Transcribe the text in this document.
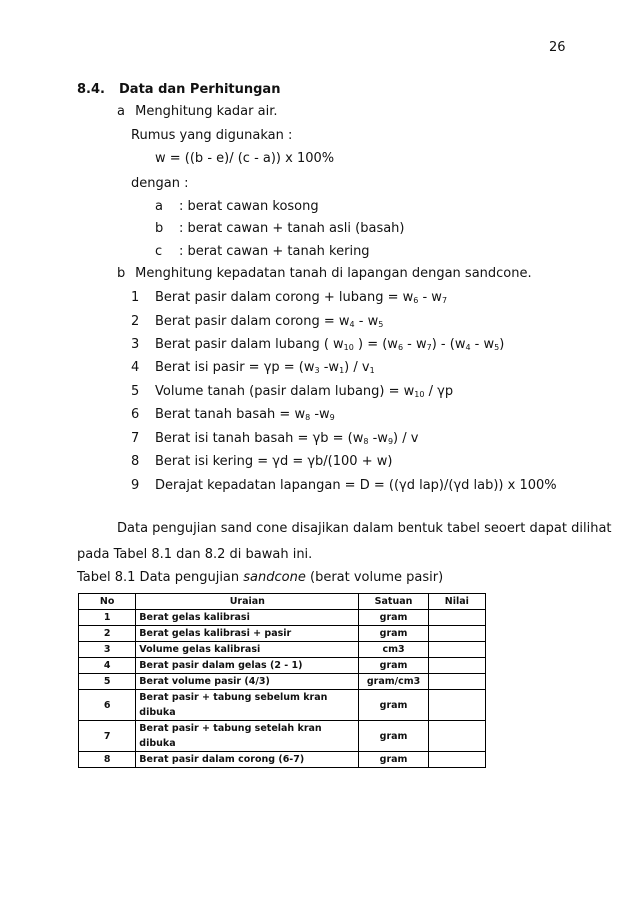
26
8.4. Data dan Perhitungan
a Menghitung kadar air.
Rumus yang digunakan :
w = ((b - e)/ (c - a)) x 100%
dengan :
a : berat cawan kosong
b : berat cawan + tanah asli (basah)
c : berat cawan + tanah kering
b Menghitung kepadatan tanah di lapangan dengan sandcone.
1 Berat pasir dalam corong + lubang = $w_6 - w_7$
2 Berat pasir dalam corong = $w_4 - w_5$
3 Berat pasir dalam lubang ( $w_{10}$ ) = $(w_6 - w_7) - (w_4 - w_5)$
4 Berat isi pasir = $\gamma p = (w_3$ $-w_1) / v_1$
5 Volume tanah (pasir dalam lubang) = $w_{10}$ / γp
6 Berat tanah basah = $w_8$ $-w_9$
7 Berat isi tanah basah = $\gamma b = (w_8$ $-w_9$) / v
8 Berat isi kering = γd = γb/(100 + w)
9 Derajat kepadatan lapangan = D = ((γd lap)/(γd lab)) x 100%
Data pengujian sand cone disajikan dalam bentuk tabel seoert dapat dilihat
pada Tabel 8.1 dan 8.2 di bawah ini.
Tabel 8.1 Data pengujian sandcone (berat volume pasir)
No	Uraian	Satuan	Nilai
1	Berat gelas kalibrasi	gram	
2	Berat gelas kalibrasi + pasir	gram	
3	Volume gelas kalibrasi	cm3	
4	Berat pasir dalam gelas (2 - 1)	gram	
5	Berat volume pasir (4/3)	gram/cm3	
6	Berat pasir + tabung sebelum kran dibuka	gram	
7	Berat pasir + tabung setelah kran dibuka	gram	
8	Berat pasir dalam corong (6-7)	gram	
